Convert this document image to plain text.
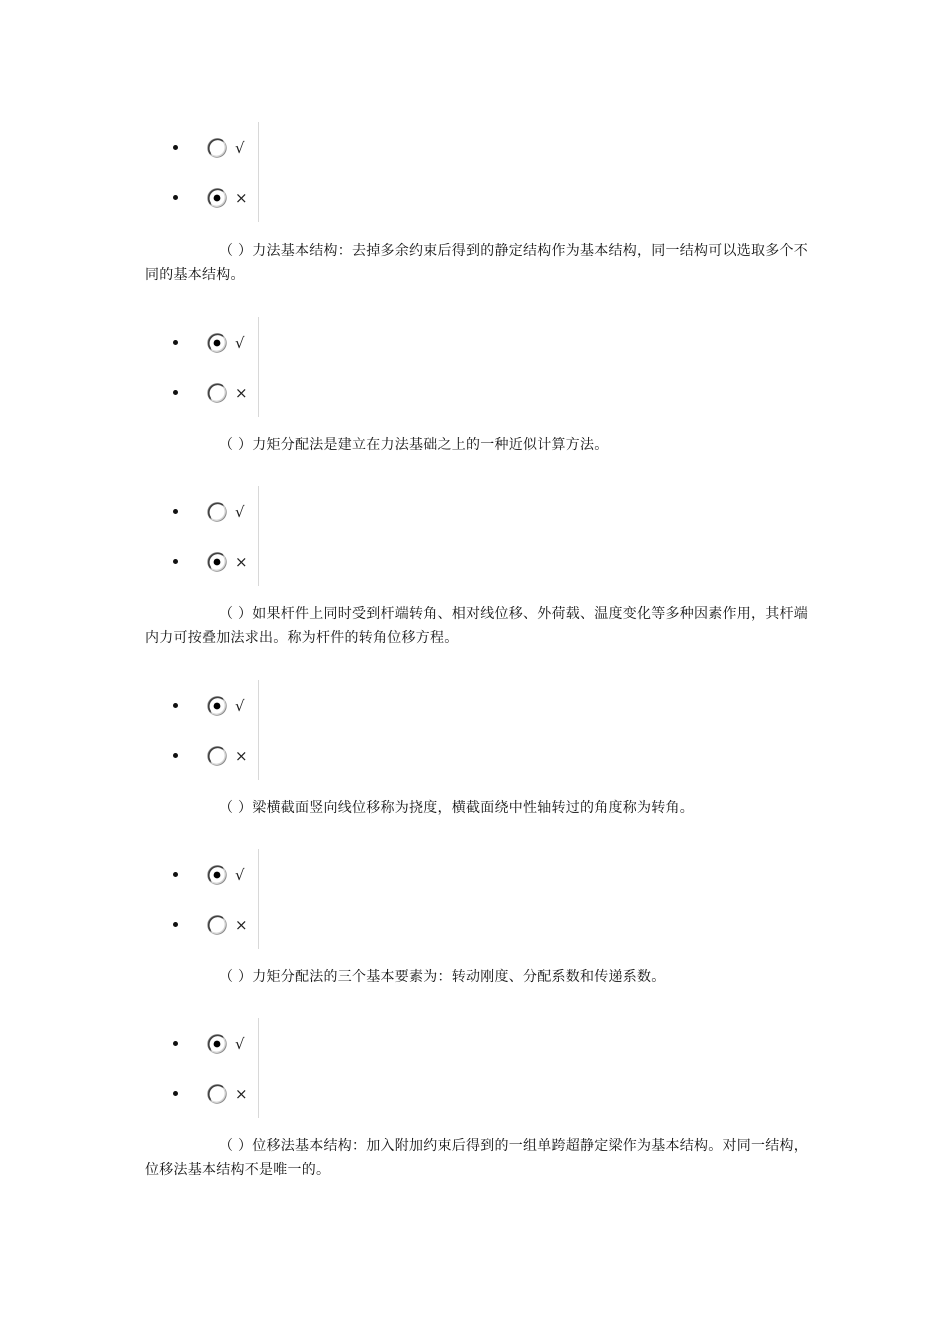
√
×
（ ）力法基本结构：去掉多余约束后得到的静定结构作为基本结构，同一结构可以选取多个不同的基本结构。
√
×
（ ）力矩分配法是建立在力法基础之上的一种近似计算方法。
√
×
（ ）如果杆件上同时受到杆端转角、相对线位移、外荷载、温度变化等多种因素作用，其杆端内力可按叠加法求出。称为杆件的转角位移方程。
√
×
（ ）梁横截面竖向线位移称为挠度，横截面绕中性轴转过的角度称为转角。
√
×
（ ）力矩分配法的三个基本要素为：转动刚度、分配系数和传递系数。
√
×
（ ）位移法基本结构：加入附加约束后得到的一组单跨超静定梁作为基本结构。对同一结构，位移法基本结构不是唯一的。
